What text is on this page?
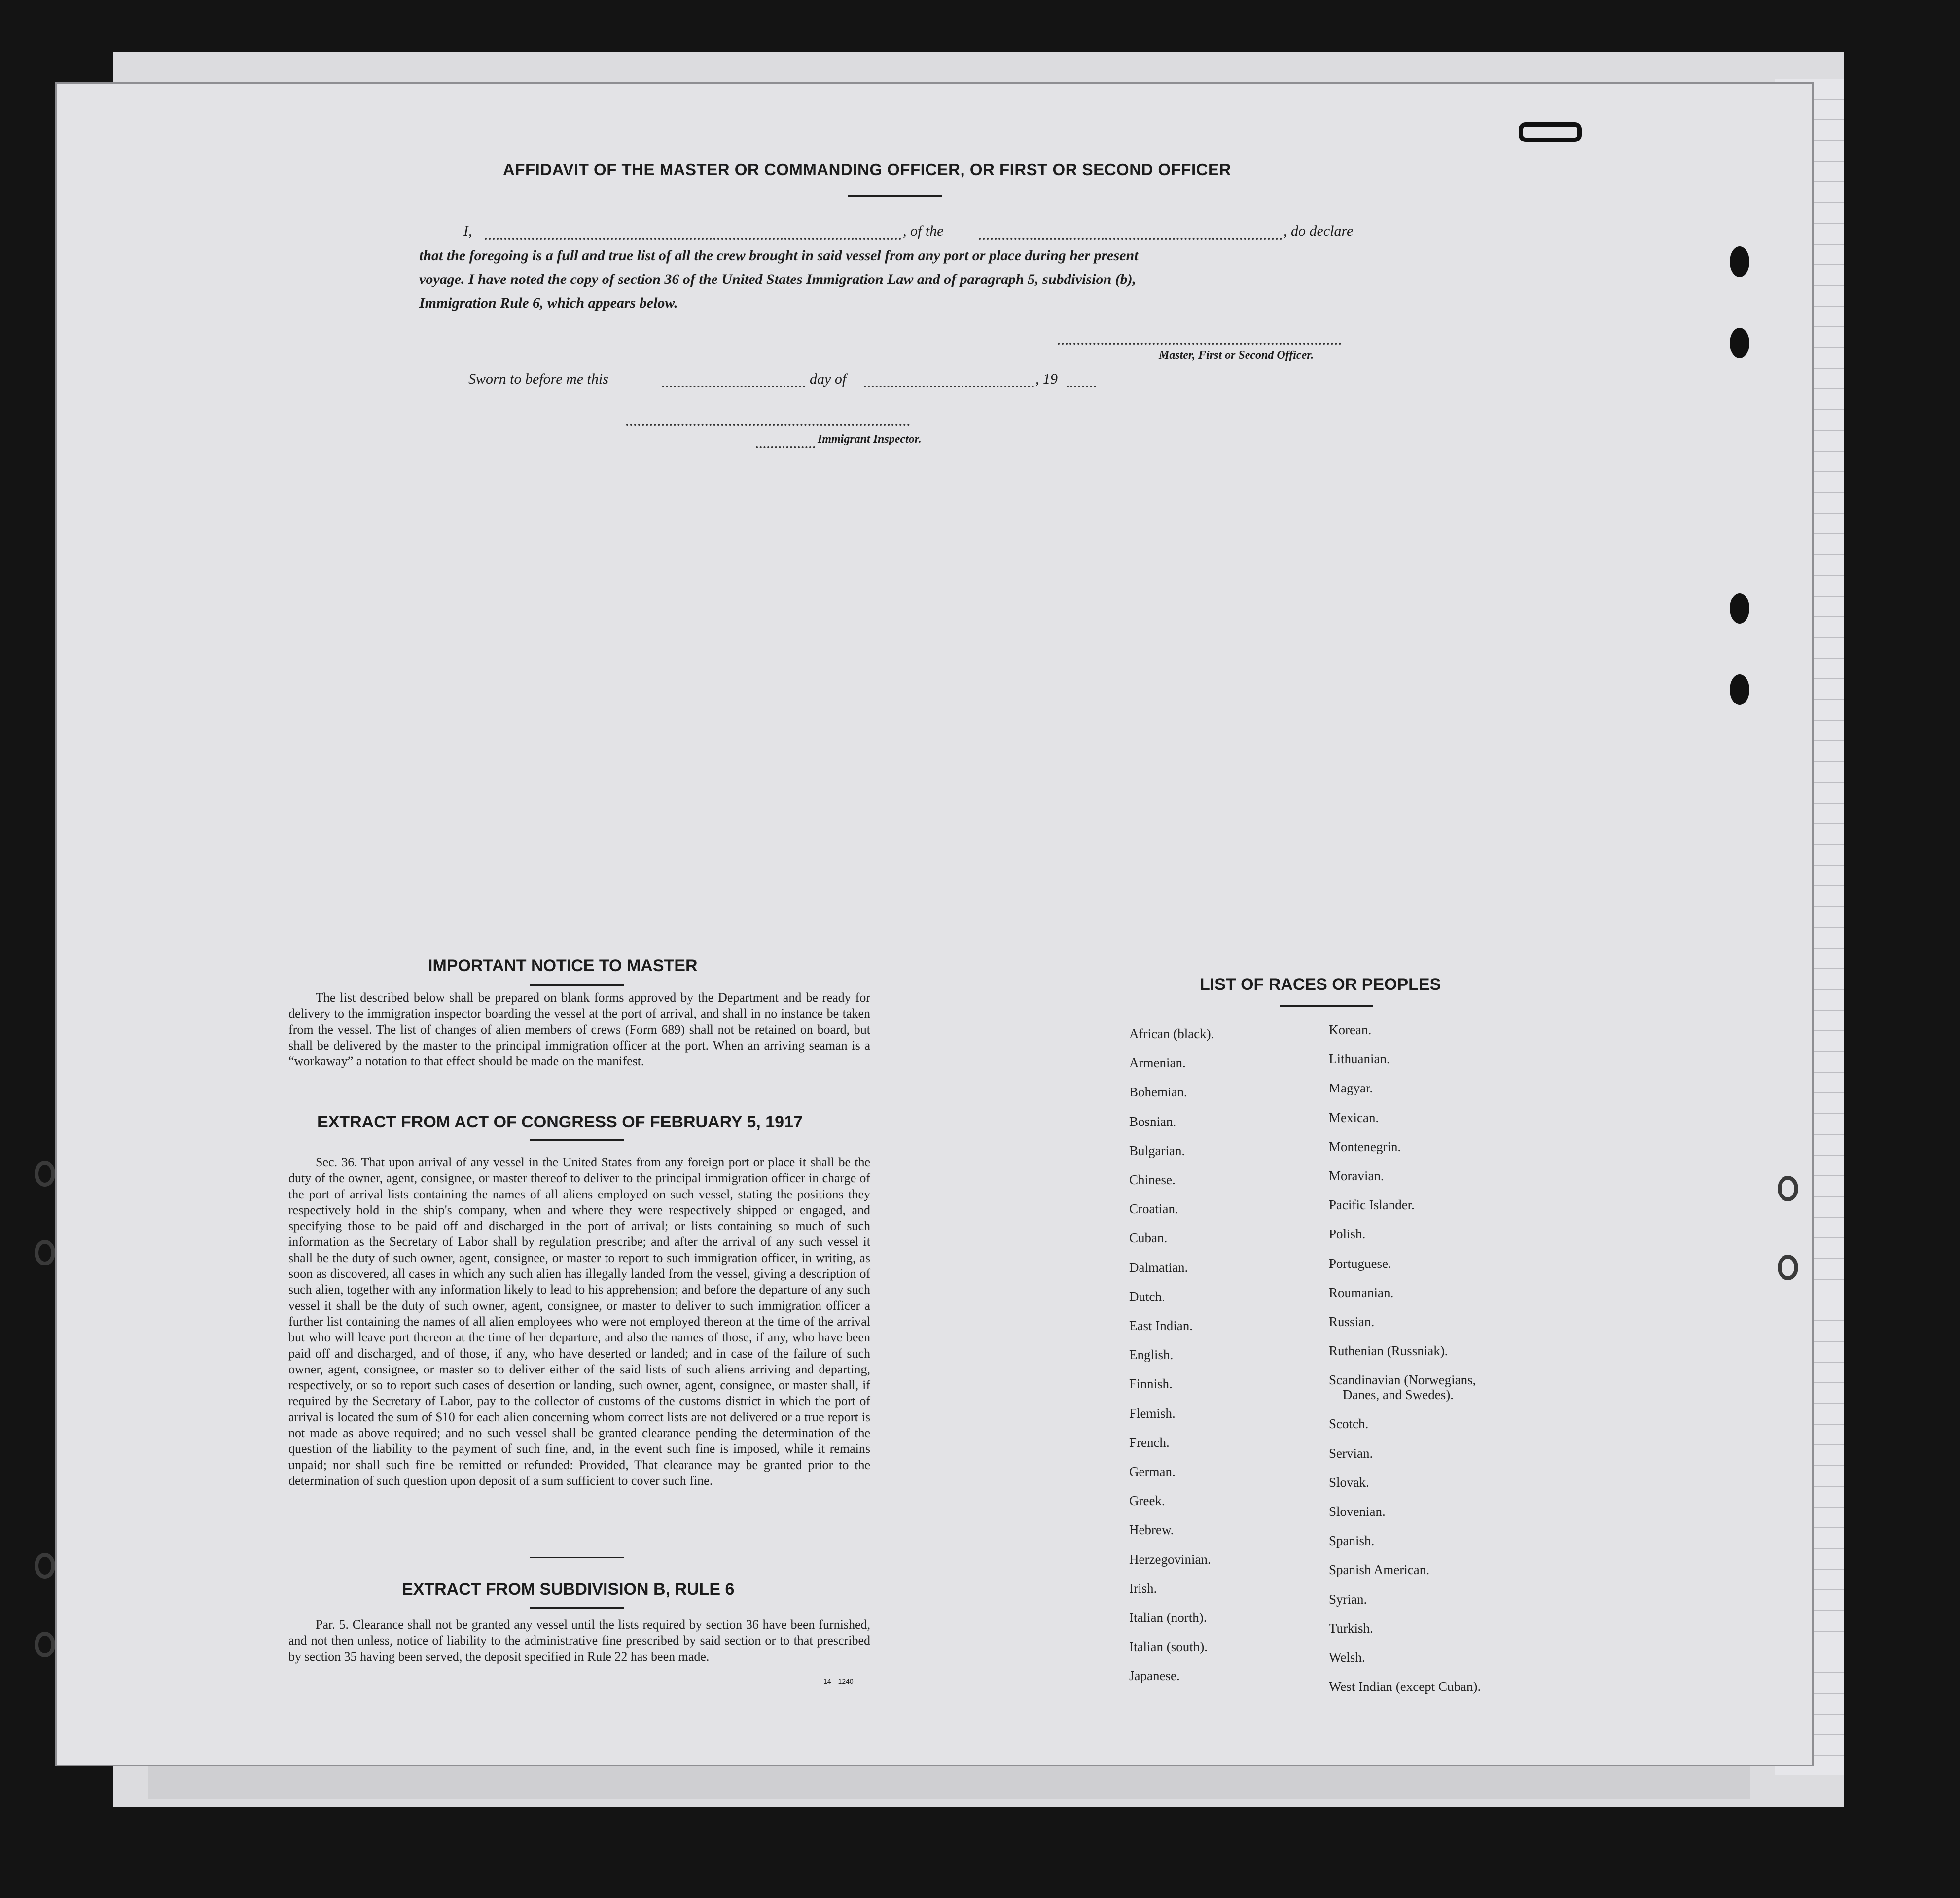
AFFIDAVIT OF THE MASTER OR COMMANDING OFFICER, OR FIRST OR SECOND OFFICER
I,	, of the	, do declare
that the foregoing is a full and true list of all the crew brought in said vessel from any port or place during her present
voyage. I have noted the copy of section 36 of the United States Immigration Law and of paragraph 5, subdivision (b),
Immigration Rule 6, which appears below.
Master, First or Second Officer.
Sworn to before me this	day of	, 19
Immigrant Inspector.
IMPORTANT NOTICE TO MASTER

The list described below shall be prepared on blank forms approved by the Department and be ready for delivery to the immigration inspector boarding the vessel at the port of arrival, and shall in no instance be taken from the vessel. The list of changes of alien members of crews (Form 689) shall not be retained on board, but shall be delivered by the master to the principal immigration officer at the port. When an arriving seaman is a “workaway” a notation to that effect should be made on the manifest.

EXTRACT FROM ACT OF CONGRESS OF FEBRUARY 5, 1917

Sec. 36. That upon arrival of any vessel in the United States from any foreign port or place it shall be the duty of the owner, agent, consignee, or master thereof to deliver to the principal immigration officer in charge of the port of arrival lists containing the names of all aliens employed on such vessel, stating the positions they respectively hold in the ship's company, when and where they were respectively shipped or engaged, and specifying those to be paid off and discharged in the port of arrival; or lists containing so much of such information as the Secretary of Labor shall by regulation prescribe; and after the arrival of any such vessel it shall be the duty of such owner, agent, consignee, or master to report to such immigration officer, in writing, as soon as discovered, all cases in which any such alien has illegally landed from the vessel, giving a description of such alien, together with any information likely to lead to his apprehension; and before the departure of any such vessel it shall be the duty of such owner, agent, consignee, or master to deliver to such immigration officer a further list containing the names of all alien employees who were not employed thereon at the time of the arrival but who will leave port thereon at the time of her departure, and also the names of those, if any, who have been paid off and discharged, and of those, if any, who have deserted or landed; and in case of the failure of such owner, agent, consignee, or master so to deliver either of the said lists of such aliens arriving and departing, respectively, or so to report such cases of desertion or landing, such owner, agent, consignee, or master shall, if required by the Secretary of Labor, pay to the collector of customs of the customs district in which the port of arrival is located the sum of $10 for each alien concerning whom correct lists are not delivered or a true report is not made as above required; and no such vessel shall be granted clearance pending the determination of the question of the liability to the payment of such fine, and, in the event such fine is imposed, while it remains unpaid; nor shall such fine be remitted or refunded: Provided, That clearance may be granted prior to the determination of such question upon deposit of a sum sufficient to cover such fine.

EXTRACT FROM SUBDIVISION B, RULE 6

Par. 5. Clearance shall not be granted any vessel until the lists required by section 36 have been furnished, and not then unless, notice of liability to the administrative fine prescribed by said section or to that prescribed by section 35 having been served, the deposit specified in Rule 22 has been made.

14—1240
LIST OF RACES OR PEOPLES
African (black).
Armenian.
Bohemian.
Bosnian.
Bulgarian.
Chinese.
Croatian.
Cuban.
Dalmatian.
Dutch.
East Indian.
English.
Finnish.
Flemish.
French.
German.
Greek.
Hebrew.
Herzegovinian.
Irish.
Italian (north).
Italian (south).
Japanese.
Korean.
Lithuanian.
Magyar.
Mexican.
Montenegrin.
Moravian.
Pacific Islander.
Polish.
Portuguese.
Roumanian.
Russian.
Ruthenian (Russniak).
Scandinavian (Norwegians,
Danes, and Swedes).
Scotch.
Servian.
Slovak.
Slovenian.
Spanish.
Spanish American.
Syrian.
Turkish.
Welsh.
West Indian (except Cuban).
